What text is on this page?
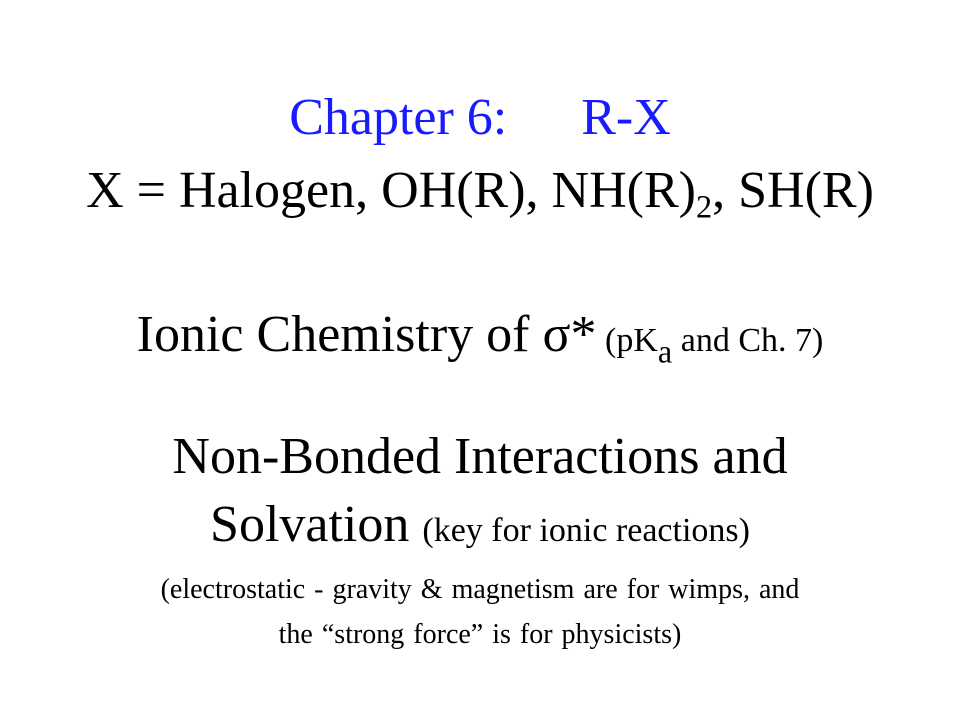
Chapter 6: R-X
X = Halogen, OH(R), $NH(R)_2$, SH(R)
Ionic Chemistry of σ* ($pK_a$ and Ch. 7)
Non-Bonded Interactions and
Solvation (key for ionic reactions)
(electrostatic - gravity & magnetism are for wimps, and
the “strong force” is for physicists)
